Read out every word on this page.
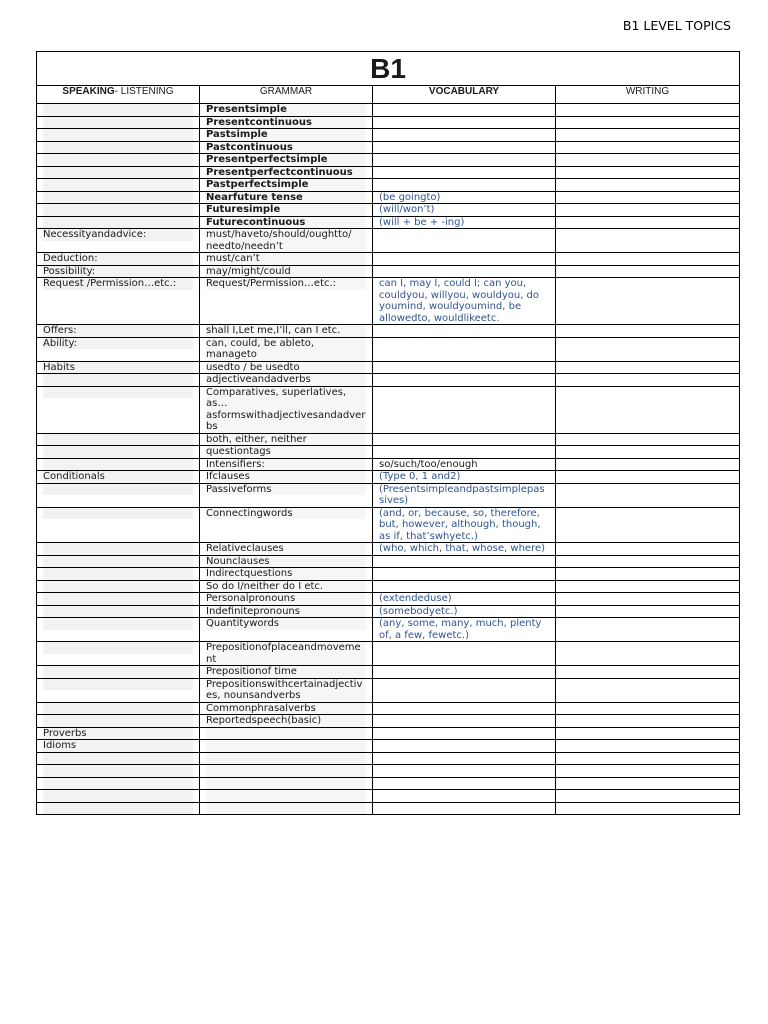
B1 LEVEL TOPICS
B1			
SPEAKING- LISTENING	GRAMMAR	VOCABULARY	WRITING

	Presentsimple		

	Presentcontinuous		

	Pastsimple		

	Pastcontinuous		

	Presentperfectsimple		

	Presentperfectcontinuous		

	Pastperfectsimple		

	Nearfuture tense	(be goingto)	

	Futuresimple	(will/won’t)	

	Futurecontinuous	(will + be + -ing)	

Necessityandadvice:	must/haveto/should/oughtto/ needto/needn’t		

Deduction:	must/can’t		

Possibility:	may/might/could		

Request /Permission…etc.:	Request/Permission…etc.:	can I, may I, could I; can you, couldyou, willyou, wouldyou, do youmind, wouldyoumind, be allowedto, wouldlikeetc.	

Offers:	shall I,Let me,I’ll, can I etc.		

Ability:	can, could, be ableto, manageto		

Habits	usedto / be usedto		

	adjectiveandadverbs		

	Comparatives, superlatives, as… asformswithadjectivesandadverbs		

	both, either, neither		

	questiontags		

	Intensifiers:	so/such/too/enough	

Conditionals	Ifclauses	(Type 0, 1 and2)	

	Passiveforms	(Presentsimpleandpastsimplepassives)	

	Connectingwords	(and, or, because, so, therefore, but, however, although, though, as if, that’swhyetc.)	

	Relativeclauses	(who, which, that, whose, where)	

	Nounclauses		

	Indirectquestions		

	So do I/neither do I etc.		

	Personalpronouns	(extendeduse)	

	Indefinitepronouns	(somebodyetc.)	

	Quantitywords	(any, some, many, much, plenty of, a few, fewetc.)	

	Prepositionofplaceandmovement		

	Prepositionof time		

	Prepositionswithcertainadjectives, nounsandverbs		

	Commonphrasalverbs		

	Reportedspeech(basic)		

Proverbs			

Idioms			
